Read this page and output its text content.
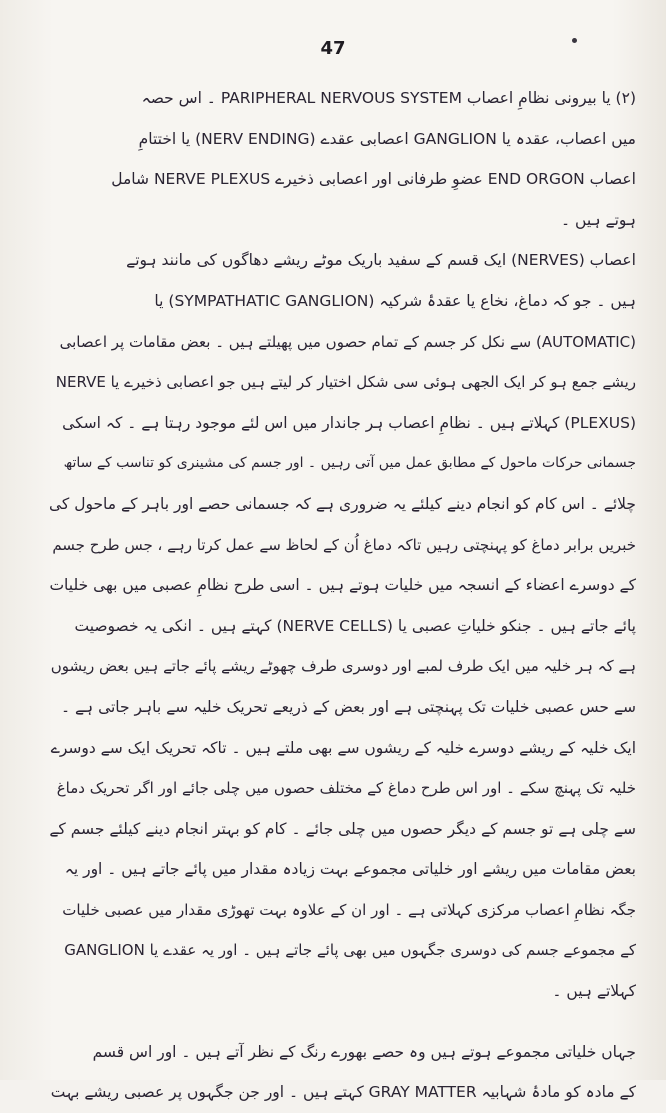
47
(۲) یا بیرونی نظامِ اعصاب PARIPHERAL NERVOUS SYSTEM ۔ اس حصہ
میں اعصاب، عقدہ یا GANGLION اعصابی عقدے (NERV ENDING) یا اختتامِ
اعصاب END ORGON عضوِ طرفانی اور اعصابی ذخیرے NERVE PLEXUS شامل
ہوتے ہیں ۔
اعصاب (NERVES) ایک قسم کے سفید باریک موٹے ریشے دھاگوں کی مانند ہوتے
ہیں ۔ جو کہ دماغ، نخاع یا عقدۂ شرکیہ (SYMPATHATIC GANGLION) یا
(AUTOMATIC) سے نکل کر جسم کے تمام حصوں میں پھیلتے ہیں ۔ بعض مقامات پر اعصابی
ریشے جمع ہو کر ایک الجھی ہوئی سی شکل اختیار کر لیتے ہیں جو اعصابی ذخیرے یا NERVE
(PLEXUS) کہلاتے ہیں ۔ نظامِ اعصاب ہر جاندار میں اس لئے موجود رہتا ہے ۔ کہ اسکی
جسمانی حرکات ماحول کے مطابق عمل میں آتی رہیں ۔ اور جسم کی مشینری کو تناسب کے ساتھ
چلائے ۔ اس کام کو انجام دینے کیلئے یہ ضروری ہے کہ جسمانی حصے اور باہر کے ماحول کی
خبریں برابر دماغ کو پہنچتی رہیں تاکہ دماغ اُن کے لحاظ سے عمل کرتا رہے ، جس طرح جسم
کے دوسرے اعضاء کے انسجہ میں خلیات ہوتے ہیں ۔ اسی طرح نظامِ عصبی میں بھی خلیات
پائے جاتے ہیں ۔ جنکو خلیاتِ عصبی یا (NERVE CELLS) کہتے ہیں ۔ انکی یہ خصوصیت
ہے کہ ہر خلیہ میں ایک طرف لمبے اور دوسری طرف چھوٹے ریشے پائے جاتے ہیں بعض ریشوں
سے حس عصبی خلیات تک پہنچتی ہے اور بعض کے ذریعے تحریک خلیہ سے باہر جاتی ہے ۔
ایک خلیہ کے ریشے دوسرے خلیہ کے ریشوں سے بھی ملتے ہیں ۔ تاکہ تحریک ایک سے دوسرے
خلیہ تک پہنچ سکے ۔ اور اس طرح دماغ کے مختلف حصوں میں چلی جائے اور اگر تحریک دماغ
سے چلی ہے تو جسم کے دیگر حصوں میں چلی جائے ۔ کام کو بہتر انجام دینے کیلئے جسم کے
بعض مقامات میں ریشے اور خلیاتی مجموعے بہت زیادہ مقدار میں پائے جاتے ہیں ۔ اور یہ
جگہ نظامِ اعصاب مرکزی کہلاتی ہے ۔ اور ان کے علاوہ بہت تھوڑی مقدار میں عصبی خلیات
کے مجموعے جسم کی دوسری جگہوں میں بھی پائے جاتے ہیں ۔ اور یہ عقدے یا GANGLION
کہلاتے ہیں ۔
جہاں خلیاتی مجموعے ہوتے ہیں وہ حصے بھورے رنگ کے نظر آتے ہیں ۔ اور اس قسم
کے مادہ کو مادۂ شہابیہ GRAY MATTER کہتے ہیں ۔ اور جن جگہوں پر عصبی ریشے بہت
